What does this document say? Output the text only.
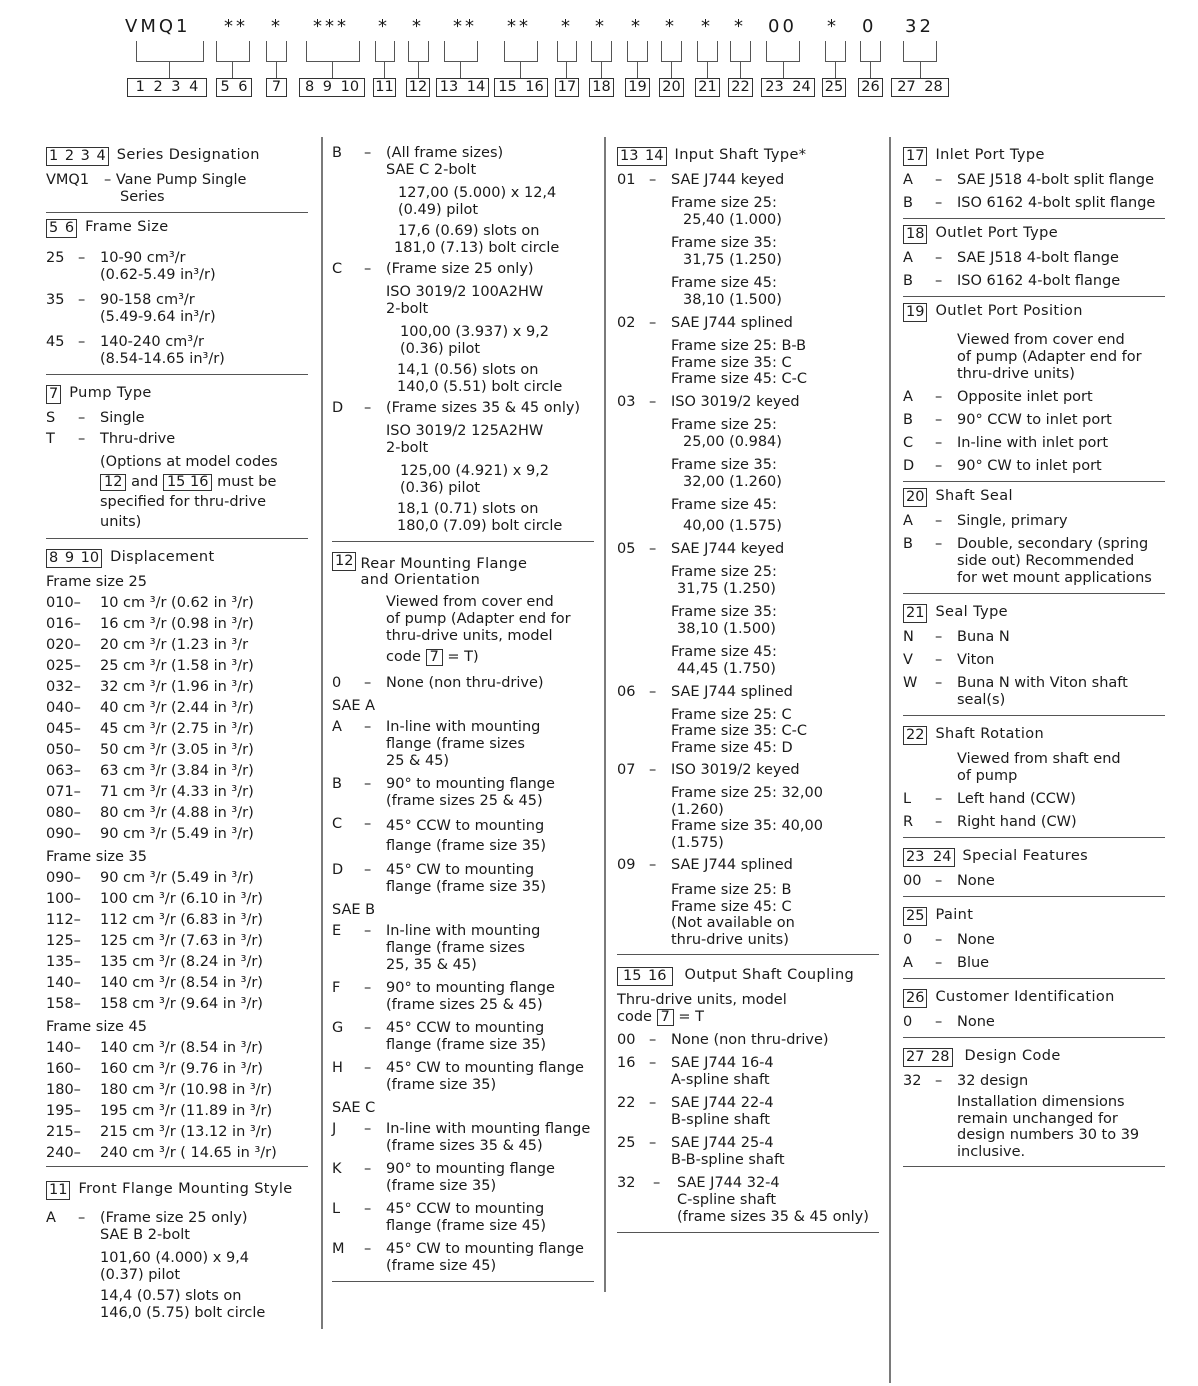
VMQ1 ** * *** * * ** ** * * * * * * 00 * 0 32
1 2 3 4	5 6	7	8 9 10	11 12 13 14 15 16 17 18 19 20 21 22 23 24 25 26	27 28
1 2 3 4 Series Designation
VMQ1	– Vane Pump Single
Series
5 6 Frame Size
25 –	10-90 cm³/r
(0.62-5.49 in³/r)
35 –	90-158 cm³/r
(5.49-9.64 in³/r)
45 –	140-240 cm³/r
(8.54-14.65 in³/r)
7 Pump Type
S	–	Single
T	–	Thru-drive
(Options at model codes
12 and 15 16 must be
specified for thru-drive
units)
8 9 10 Displacement
Frame size 25
010–	10 cm ³/r (0.62 in ³/r)
016–	16 cm ³/r (0.98 in ³/r)
020–	20 cm ³/r (1.23 in ³/r
025–	25 cm ³/r (1.58 in ³/r)
032–	32 cm ³/r (1.96 in ³/r)
040–	40 cm ³/r (2.44 in ³/r)
045–	45 cm ³/r (2.75 in ³/r)
050–	50 cm ³/r (3.05 in ³/r)
063–	63 cm ³/r (3.84 in ³/r)
071–	71 cm ³/r (4.33 in ³/r)
080–	80 cm ³/r (4.88 in ³/r)
090–	90 cm ³/r (5.49 in ³/r)
Frame size 35
090–	90 cm ³/r (5.49 in ³/r)
100–	100 cm ³/r (6.10 in ³/r)
112–	112 cm ³/r (6.83 in ³/r)
125–	125 cm ³/r (7.63 in ³/r)
135–	135 cm ³/r (8.24 in ³/r)
140–	140 cm ³/r (8.54 in ³/r)
158–	158 cm ³/r (9.64 in ³/r)
Frame size 45
140–	140 cm ³/r (8.54 in ³/r)
160–	160 cm ³/r (9.76 in ³/r)
180–	180 cm ³/r (10.98 in ³/r)
195–	195 cm ³/r (11.89 in ³/r)
215–	215 cm ³/r (13.12 in ³/r)
240–	240 cm ³/r ( 14.65 in ³/r)
11 Front Flange Mounting Style
A	–	(Frame size 25 only)
SAE B 2-bolt
101,60 (4.000) x 9,4
(0.37) pilot
14,4 (0.57) slots on
146,0 (5.75) bolt circle
B	–	(All frame sizes)
SAE C 2-bolt
127,00 (5.000) x 12,4
(0.49) pilot
17,6 (0.69) slots on
181,0 (7.13) bolt circle
C	–	(Frame size 25 only)
ISO 3019/2 100A2HW
2-bolt
100,00 (3.937) x 9,2
(0.36) pilot
14,1 (0.56) slots on
140,0 (5.51) bolt circle
D	–	(Frame sizes 35 & 45 only)
ISO 3019/2 125A2HW
2-bolt
125,00 (4.921) x 9,2
(0.36) pilot
18,1 (0.71) slots on
180,0 (7.09) bolt circle
12 Rear Mounting Flange
and Orientation
Viewed from cover end
of pump (Adapter end for
thru-drive units, model
code 7 = T)
0	–	None (non thru-drive)
SAE A
A	–	In-line with mounting
flange (frame sizes
25 & 45)
B	–	90° to mounting flange
(frame sizes 25 & 45)
C	–	45° CCW to mounting
flange (frame size 35)
D	–	45° CW to mounting
flange (frame size 35)
SAE B
E	–	In-line with mounting
flange (frame sizes
25, 35 & 45)
F	–	90° to mounting flange
(frame sizes 25 & 45)
G	–	45° CCW to mounting
flange (frame size 35)
H	–	45° CW to mounting flange
(frame size 35)
SAE C
J	–	In-line with mounting flange
(frame sizes 35 & 45)
K	–	90° to mounting flange
(frame size 35)
L	–	45° CCW to mounting
flange (frame size 45)
M	–	45° CW to mounting flange
(frame size 45)
13 14 Input Shaft Type*
01 –	SAE J744 keyed
Frame size 25:
25,40 (1.000)
Frame size 35:
31,75 (1.250)
Frame size 45:
38,10 (1.500)
02 –	SAE J744 splined
Frame size 25: B-B
Frame size 35: C
Frame size 45: C-C
03 –	ISO 3019/2 keyed
Frame size 25:
25,00 (0.984)
Frame size 35:
32,00 (1.260)
Frame size 45:
40,00 (1.575)
05 –	SAE J744 keyed
Frame size 25:
31,75 (1.250)
Frame size 35:
38,10 (1.500)
Frame size 45:
44,45 (1.750)
06 –	SAE J744 splined
Frame size 25: C
Frame size 35: C-C
Frame size 45: D
07 –	ISO 3019/2 keyed
Frame size 25: 32,00 (1.260)
Frame size 35: 40,00 (1.575)
09 –	SAE J744 splined
Frame size 25: B
Frame size 45: C
(Not available on
thru-drive units)
15 16	Output Shaft Coupling
Thru-drive units, model
code 7 = T
00 –	None (non thru-drive)
16 –	SAE J744 16-4
A-spline shaft
22 –	SAE J744 22-4
B-spline shaft
25 –	SAE J744 25-4
B-B-spline shaft
32	–	SAE J744 32-4
C-spline shaft
(frame sizes 35 & 45 only)
17 Inlet Port Type
A	–	SAE J518 4-bolt split flange
B	–	ISO 6162 4-bolt split flange
18 Outlet Port Type
A	–	SAE J518 4-bolt flange
B	–	ISO 6162 4-bolt flange
19 Outlet Port Position
Viewed from cover end
of pump (Adapter end for
thru-drive units)
A	–	Opposite inlet port
B	–	90° CCW to inlet port
C	–	In-line with inlet port
D	–	90° CW to inlet port
20 Shaft Seal
A	–	Single, primary
B	–	Double, secondary (spring
side out) Recommended
for wet mount applications
21 Seal Type
N	–	Buna N
V	–	Viton
W	–	Buna N with Viton shaft
seal(s)
22 Shaft Rotation
Viewed from shaft end
of pump
L	–	Left hand (CCW)
R	–	Right hand (CW)
23 24 Special Features
00 –	None
25 Paint
0	–	None
A	–	Blue
26 Customer Identification
0	–	None
27 28 Design Code
32 –	32 design
Installation dimensions
remain unchanged for
design numbers 30 to 39
inclusive.
